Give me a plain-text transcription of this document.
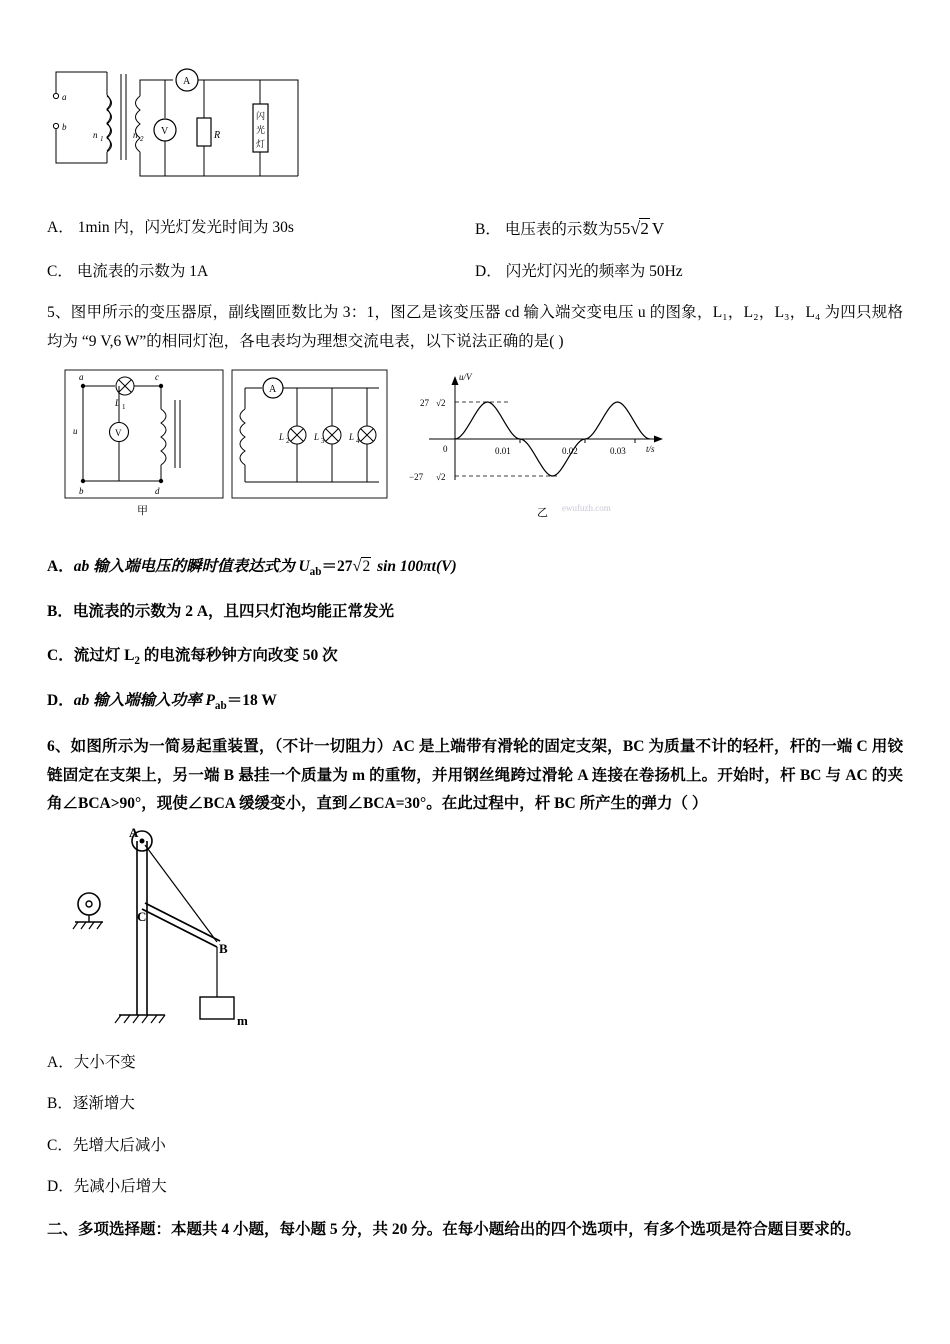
a
b
n 1	n 2
A
V	R
闪
光
灯
A． 1min 内，闪光灯发光时间为 30s	B． 电压表的示数为 55 √ 2 V
C． 电流表的示数为 1A	D． 闪光灯闪光的频率为 50Hz
5、图甲所示的变压器原，副线圈匝数比为 3：1，图乙是该变压器 cd 输入端交变电压 u 的图象，L₁，L₂，L₃，L₄ 为四只规格均为 “9 V,6 W”的相同灯泡，各电表均为理想交流电表，以下说法正确的是( )
a	c
L 1
d
b
u	V
甲
A
L 2	L 3	L 4
u/V
t/s
27 √2
−27 √2
0	0.01	0.02	0.03
乙 ewufuzh.com
A．ab 输入端电压的瞬时值表达式为 $U_{ab}=27$ √ 2 sin 100πt(V)
B．电流表的示数为 2 A，且四只灯泡均能正常发光
C．流过灯 $L_2$ 的电流每秒钟方向改变 50 次
D．ab 输入端输入功率 $P_{ab}=18$ W
6、如图所示为一简易起重装置，（不计一切阻力）AC 是上端带有滑轮的固定支架，BC 为质量不计的轻杆，杆的一端 C 用铰链固定在支架上，另一端 B 悬挂一个质量为 m 的重物，并用钢丝绳跨过滑轮 A 连接在卷扬机上。开始时，杆 BC 与 AC 的夹角∠BCA>90°，现使∠BCA 缓缓变小，直到∠BCA=30°。在此过程中，杆 BC 所产生的弹力（ ）
A
C
B
m
A．大小不变
B．逐渐增大
C．先增大后减小
D．先减小后增大
二、多项选择题：本题共 4 小题，每小题 5 分，共 20 分。在每小题给出的四个选项中，有多个选项是符合题目要求的。
